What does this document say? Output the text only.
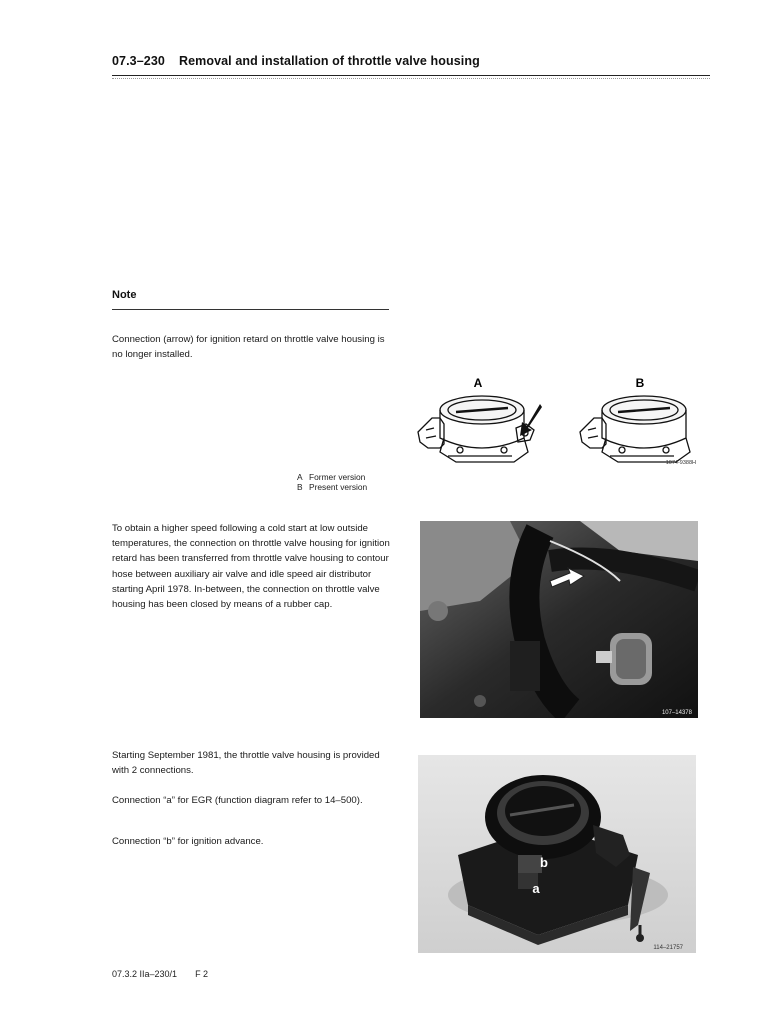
07.3–230 Removal and installation of throttle valve housing
Note
Connection (arrow) for ignition retard on throttle valve housing is no longer installed.
A	B
1074-9388H
A Former version
B Present version
To obtain a higher speed following a cold start at low outside temperatures, the connection on throttle valve housing for ignition retard has been transferred from throttle valve housing to contour hose between auxiliary air valve and idle speed air distributor starting April 1978. In-between, the connection on throttle valve housing has been closed by means of a rubber cap.
107–14378
Starting September 1981, the throttle valve housing is provided with 2 connections.
Connection “a” for EGR (function diagram refer to 14–500).
Connection “b” for ignition advance.
b
a
114–21757
07.3.2 IIa–230/1 F 2
